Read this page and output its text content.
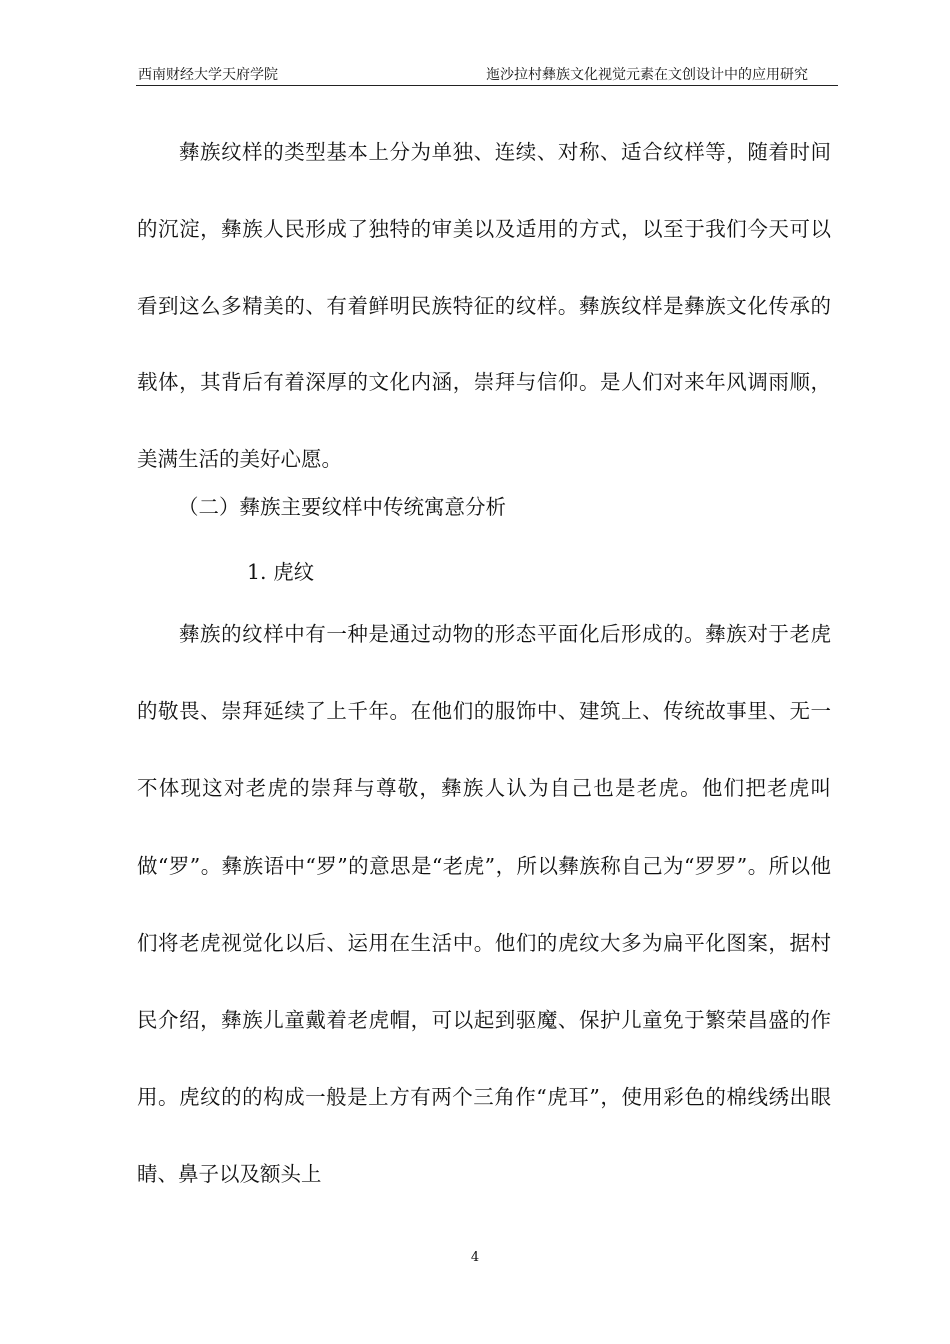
西南财经大学天府学院	迤沙拉村彝族文化视觉元素在文创设计中的应用研究

彝族纹样的类型基本上分为单独、连续、对称、适合纹样等，随着时间的沉淀，彝族人民形成了独特的审美以及适用的方式，以至于我们今天可以看到这么多精美的、有着鲜明民族特征的纹样。彝族纹样是彝族文化传承的载体，其背后有着深厚的文化内涵，崇拜与信仰。是人们对来年风调雨顺，美满生活的美好心愿。

（二）彝族主要纹样中传统寓意分析
1. 虎纹

彝族的纹样中有一种是通过动物的形态平面化后形成的。彝族对于老虎的敬畏、崇拜延续了上千年。在他们的服饰中、建筑上、传统故事里、无一不体现这对老虎的崇拜与尊敬，彝族人认为自己也是老虎。他们把老虎叫做“罗”。彝族语中“罗”的意思是“老虎”，所以彝族称自己为“罗罗”。所以他们将老虎视觉化以后、运用在生活中。他们的虎纹大多为扁平化图案，据村民介绍，彝族儿童戴着老虎帽，可以起到驱魔、保护儿童免于繁荣昌盛的作用。虎纹的的构成一般是上方有两个三角作“虎耳”，使用彩色的棉线绣出眼睛、鼻子以及额头上

4
